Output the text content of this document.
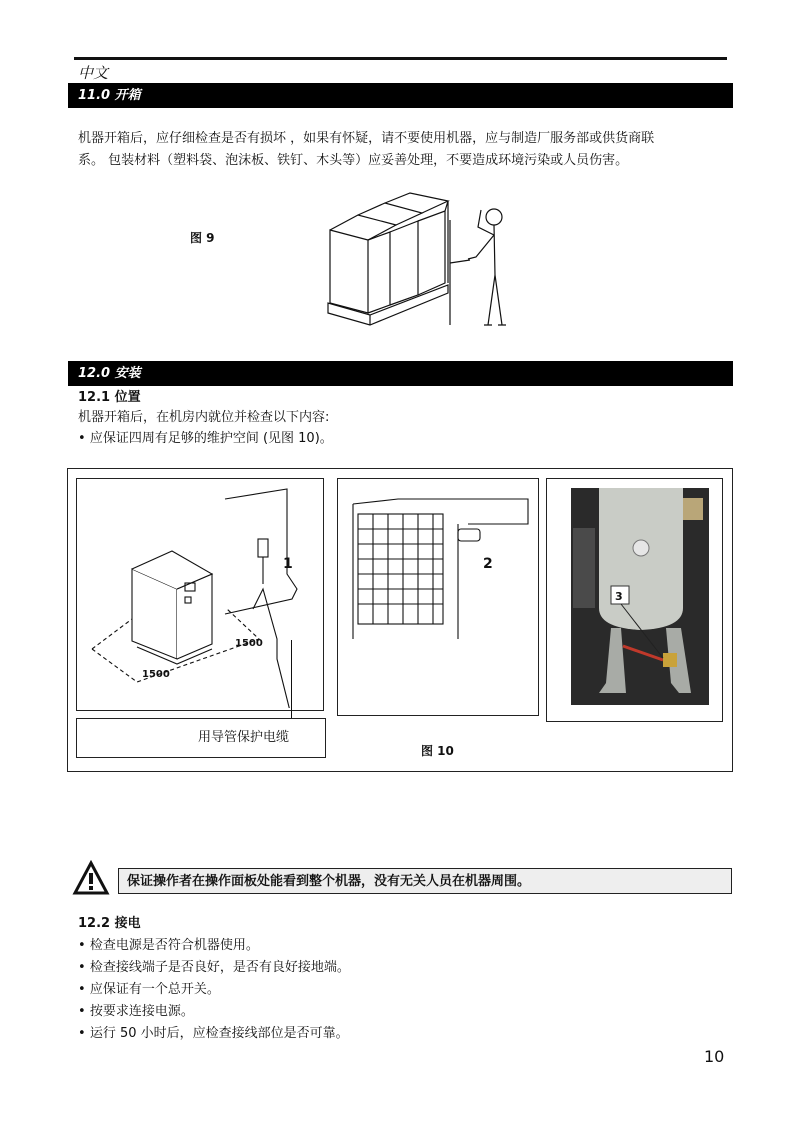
中文
11.0 开箱
机器开箱后，应仔细检查是否有损坏 ，如果有怀疑，请不要使用机器，应与制造厂服务部或供货商联
系。 包装材料（塑料袋、泡沫板、铁钉、木头等）应妥善处理，不要造成环境污染或人员伤害。
图 9
12.0 安装
12.1 位置
机器开箱后，在机房内就位并检查以下内容:
• 应保证四周有足够的维护空间 (见图 10)。
1
1500
1500
2
3
用导管保护电缆
图 10
保证操作者在操作面板处能看到整个机器，没有无关人员在机器周围。
12.2 接电
• 检查电源是否符合机器使用。
• 检查接线端子是否良好，是否有良好接地端。
• 应保证有一个总开关。
• 按要求连接电源。
• 运行 50 小时后，应检查接线部位是否可靠。
10
